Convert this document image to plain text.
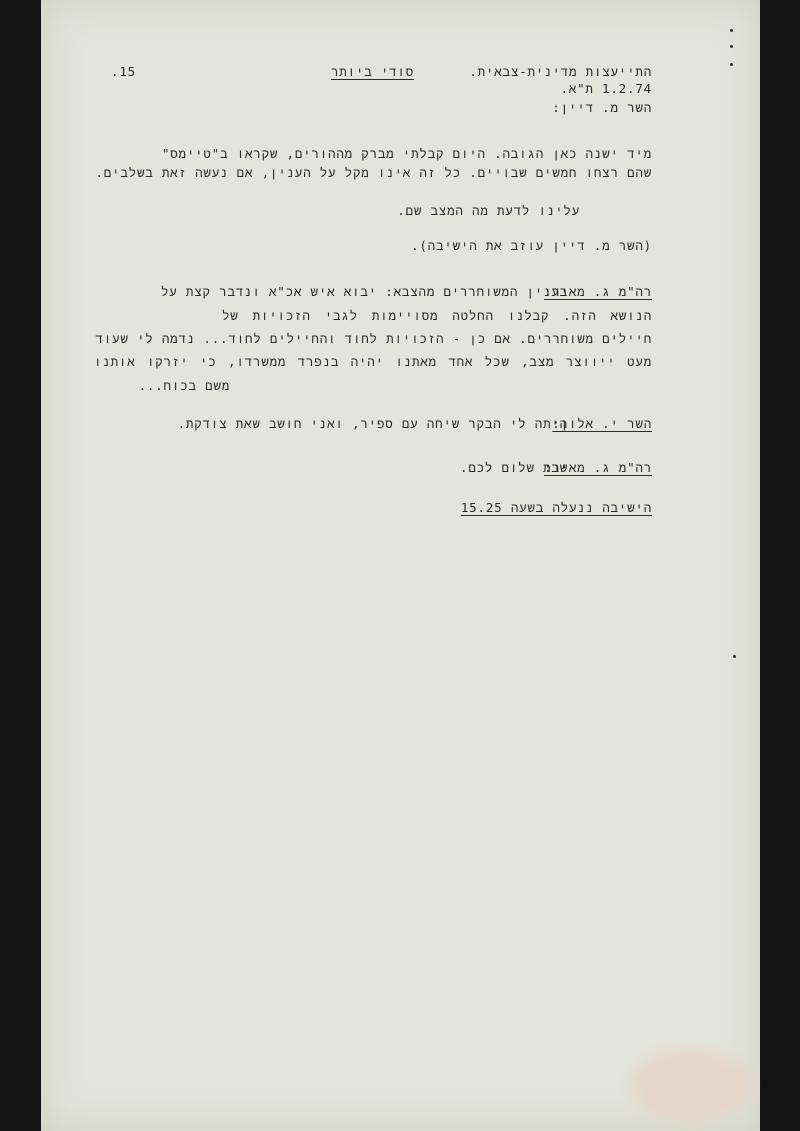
.15	סודי ביותר	התייעצות מדינית-צבאית.
1.2.74 ת"א.
השר מ. דיין:
מיד ישנה כאן הגובה. היום קבלתי מברק מההורים, שקראו ב"טיימס"
שהם רצחו חמשים שבויים. כל זה אינו מקל על הענין, אם נעשה זאת בשלבים.
עלינו לדעת מה המצב שם.
(השר מ. דיין עוזב את הישיבה).
רה"מ ג. מאיר:
בענין המשוחררים מהצבא: יבוא איש אכ"א ונדבר קצת על
הנושא הזה. קבלנו החלטה מסויימות לגבי הזכויות של
חיילים משוחררים. אם כן - הזכויות לחוד והחיילים לחוד... נדמה לי שעוד
מעט ייווצר מצב, שכל אחד מאתנו יהיה בנפרד ממשרדו, כי יזרקו אותנו
משם בכוח...
השר י. אלון:
היתה לי הבקר שיחה עם ספיר, ואני חושב שאת צודקת.
רה"מ ג. מאיר:
שבת שלום לכם.
הישיבה ננעלה בשעה 15.25
